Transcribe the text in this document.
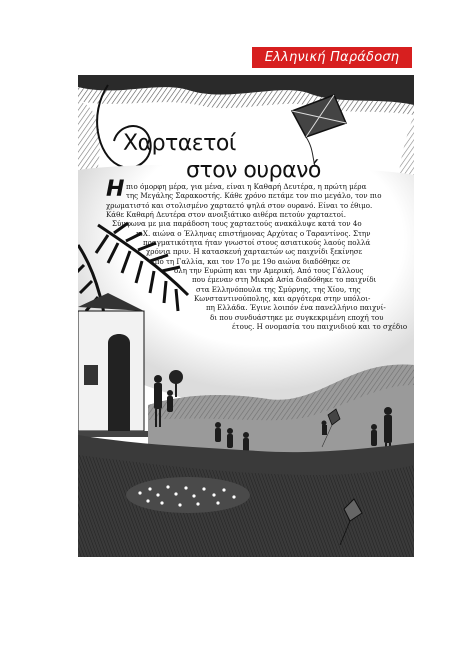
Ελληνική Παράδοση
Χαρταετοί
στον ουρανό
Η πιο όμορφη μέρα, για μένα, είναι η Καθαρή Δευτέρα, η πρώτη μέρα
της Μεγάλης Σαρακοστής. Κάθε χρόνο πετάμε τον πιο μεγάλο, τον πιο
χρωματιστό και στολισμένο χαρταετό ψηλά στον ουρανό. Είναι το έθιμο.
Κάθε Καθαρή Δευτέρα στον ανοιξιάτικο αιθέρα πετούν χαρταετοί.
Σύμφωνα με μια παράδοση τους χαρταετούς ανακάλυψε κατά τον 4ο
π.Χ. αιώνα ο Έλληνας επιστήμονας Αρχύτας ο Ταραντίνος. Στην
πραγματικότητα ήταν γνωστοί στους ασιατικούς λαούς πολλά
χρόνια πριν. Η κατασκευή χαρταετών ως παιχνίδι ξεκίνησε
από τη Γαλλία, και τον 17ο με 19ο αιώνα διαδόθηκε σε
όλη την Ευρώπη και την Αμερική. Από τους Γάλλους
που έμεναν στη Μικρά Ασία διαδόθηκε το παιχνίδι
στα Ελληνόπουλα της Σμύρνης, της Χίου, της
Κωνσταντινούπολης, και αργότερα στην υπόλοι-
πη Ελλάδα. Έγινε λοιπόν ένα πανελλήνιο παιχνί-
δι που συνδυάστηκε με συγκεκριμένη εποχή του
έτους. Η ονομασία του παιχνιδιού και το σχέδιο
